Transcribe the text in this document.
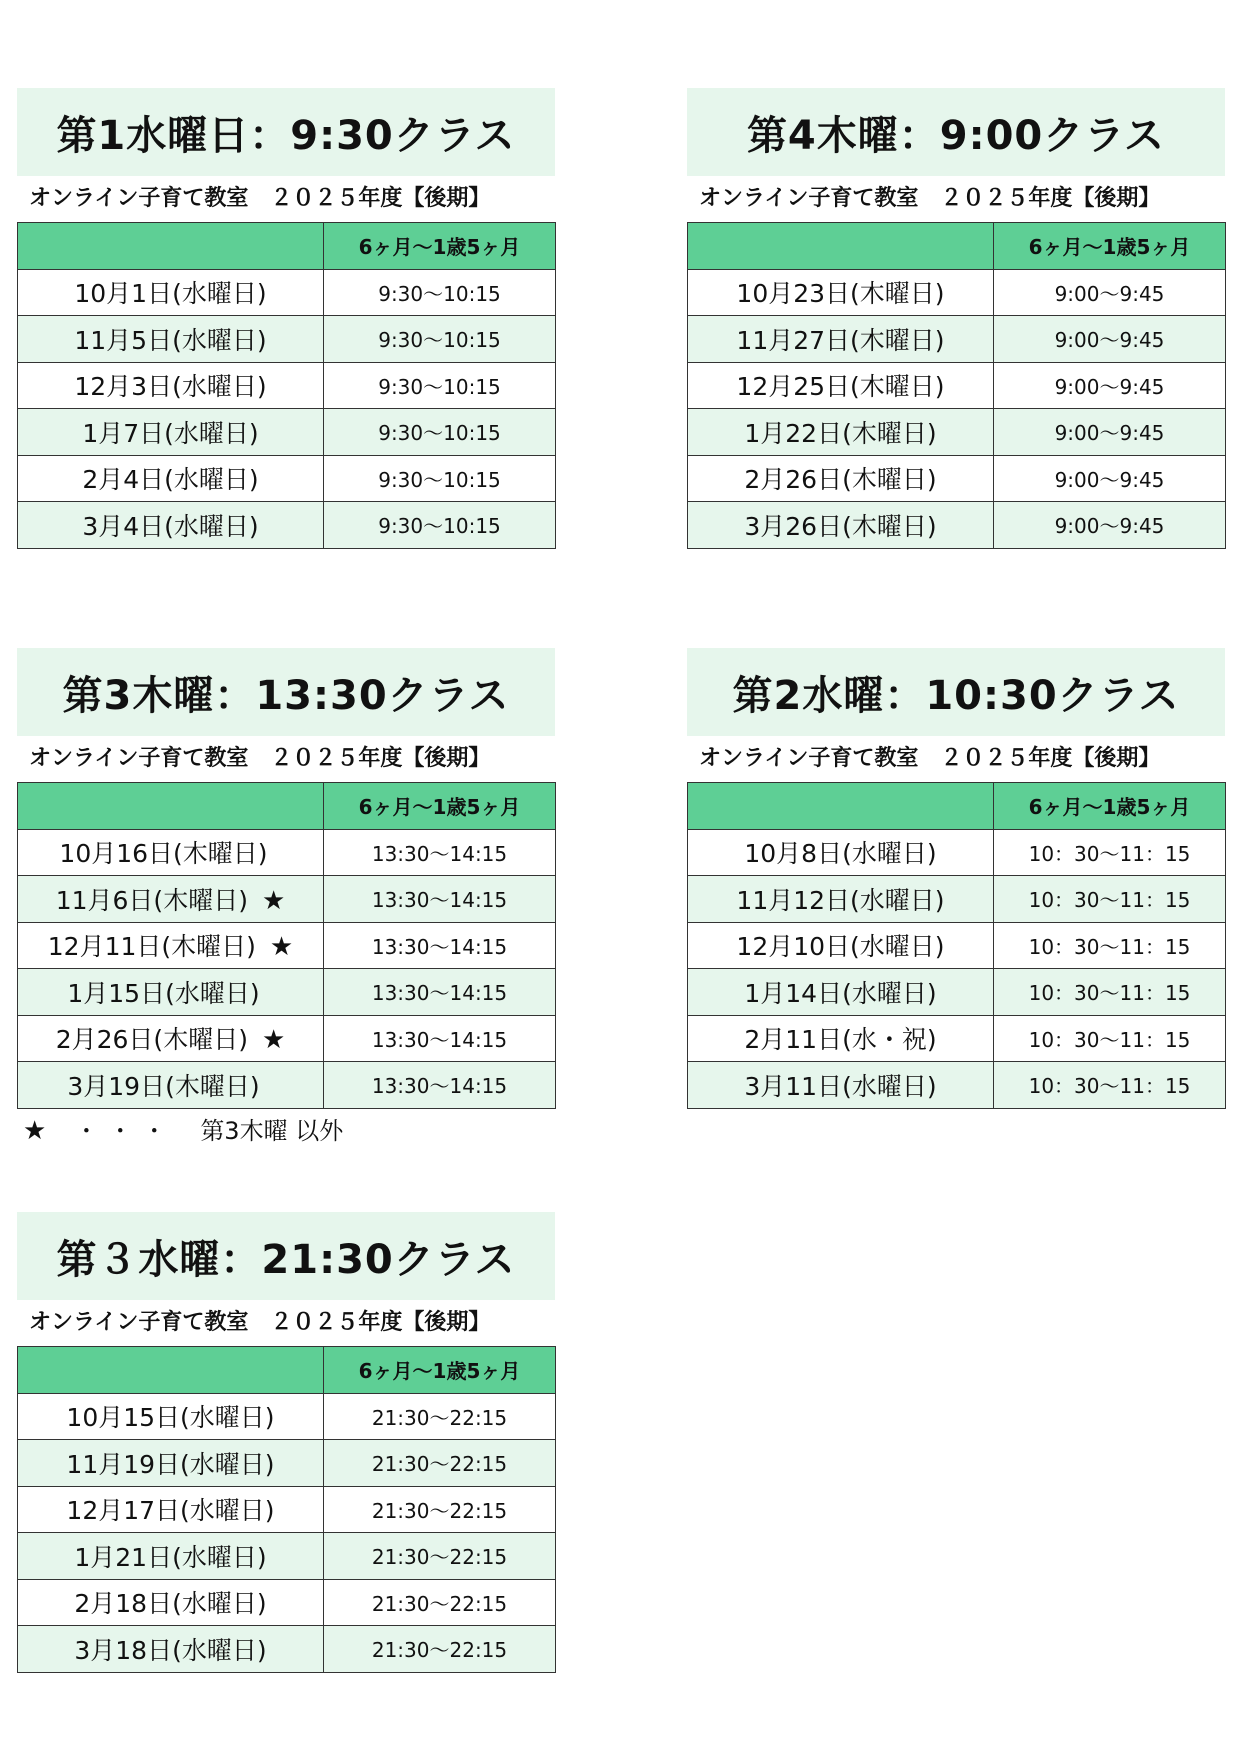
第1水曜日：9:30クラス
オンライン子育て教室　２０２５年度【後期】
	6ヶ月〜1歳5ヶ月
10月1日(水曜日)	9:30〜10:15
11月5日(水曜日)	9:30〜10:15
12月3日(水曜日)	9:30〜10:15
1月7日(水曜日)	9:30〜10:15
2月4日(水曜日)	9:30〜10:15
3月4日(水曜日)	9:30〜10:15
第4木曜：9:00クラス
オンライン子育て教室　２０２５年度【後期】
	6ヶ月〜1歳5ヶ月
10月23日(木曜日)	9:00〜9:45
11月27日(木曜日)	9:00〜9:45
12月25日(木曜日)	9:00〜9:45
1月22日(木曜日)	9:00〜9:45
2月26日(木曜日)	9:00〜9:45
3月26日(木曜日)	9:00〜9:45
第3木曜：13:30クラス
オンライン子育て教室　２０２５年度【後期】
	6ヶ月〜1歳5ヶ月
10月16日(木曜日)	13:30〜14:15
11月6日(木曜日) ★	13:30〜14:15
12月11日(木曜日) ★	13:30〜14:15
1月15日(水曜日)	13:30〜14:15
2月26日(木曜日) ★	13:30〜14:15
3月19日(木曜日)	13:30〜14:15
★ ・・・ 第3木曜 以外
第2水曜：10:30クラス
オンライン子育て教室　２０２５年度【後期】
	6ヶ月〜1歳5ヶ月
10月8日(水曜日)	10：30〜11：15
11月12日(水曜日)	10：30〜11：15
12月10日(水曜日)	10：30〜11：15
1月14日(水曜日)	10：30〜11：15
2月11日(水・祝)	10：30〜11：15
3月11日(水曜日)	10：30〜11：15
第３水曜：21:30クラス
オンライン子育て教室　２０２５年度【後期】
	6ヶ月〜1歳5ヶ月
10月15日(水曜日)	21:30〜22:15
11月19日(水曜日)	21:30〜22:15
12月17日(水曜日)	21:30〜22:15
1月21日(水曜日)	21:30〜22:15
2月18日(水曜日)	21:30〜22:15
3月18日(水曜日)	21:30〜22:15
